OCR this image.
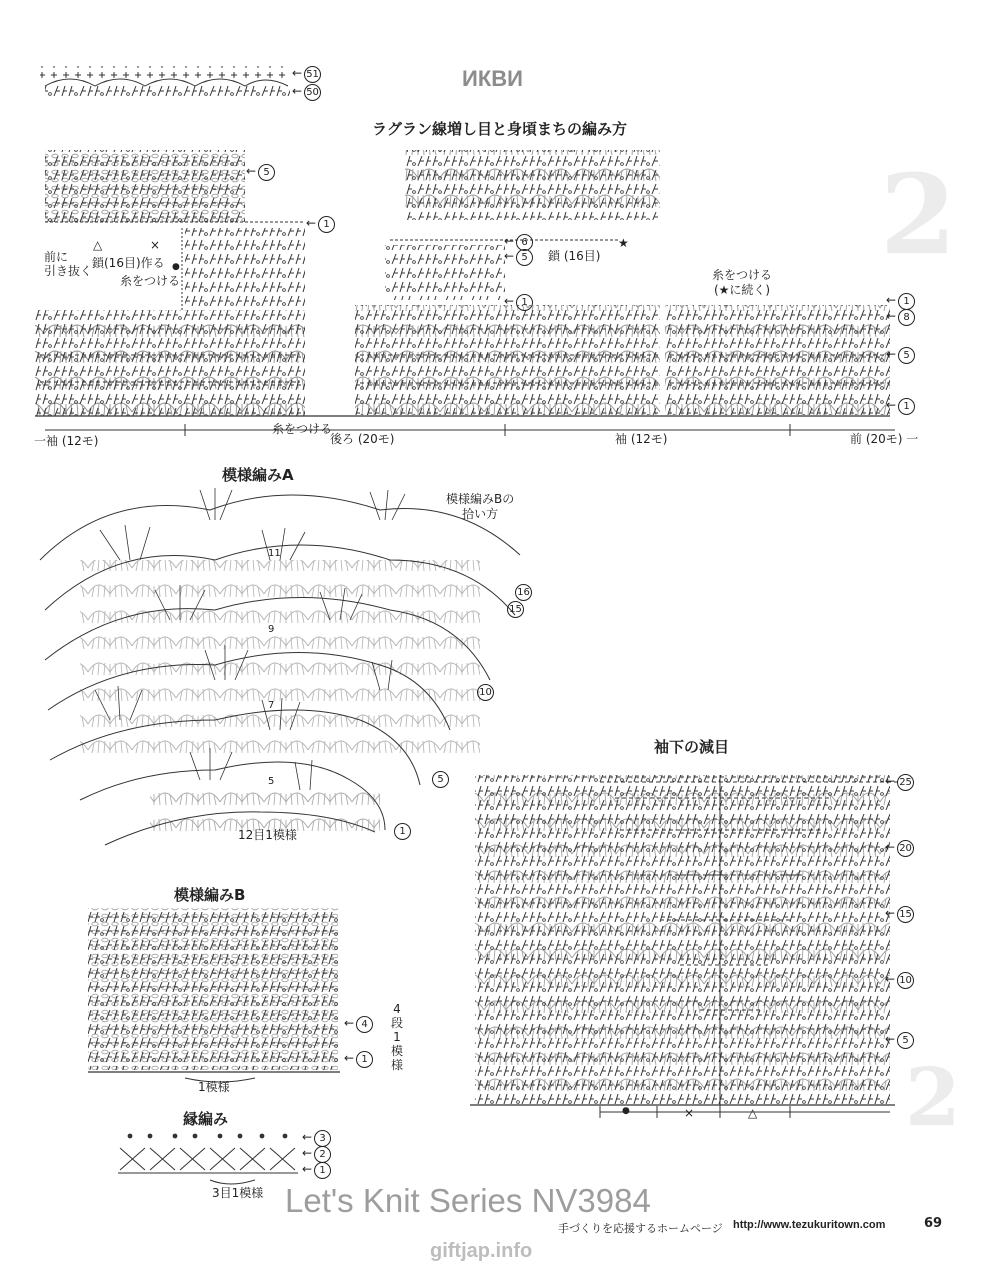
2
2
ИКВИ
← 51
← 50
ラグラン線増し目と身頃まちの編み方
← 5
← 1
前に
引き抜く
△	×
鎖(16目)作る
糸をつける
●
← 6
← 5	鎖 (16目)
★
← 1
糸をつける
(★に続く)
← 1
← 8
← 5
← 1
糸をつける
一袖 (12モ)	後ろ (20モ)	袖 (12モ)	前 (20モ) 一
模様編みA
模様編みBの
拾い方
16
15
10
5
1
11
9
7
5
12目1模様
袖下の減目
← 25
← 20
← 15
← 10
← 5
●	×	△
模様編みB
← 4
← 1
4段1模様
1模様
縁編み
← 3
← 2
← 1
3目1模様 Let's Knit Series NV3984
手づくりを応援するホームページ http://www.tezukuritown.com	69
giftjap.info
